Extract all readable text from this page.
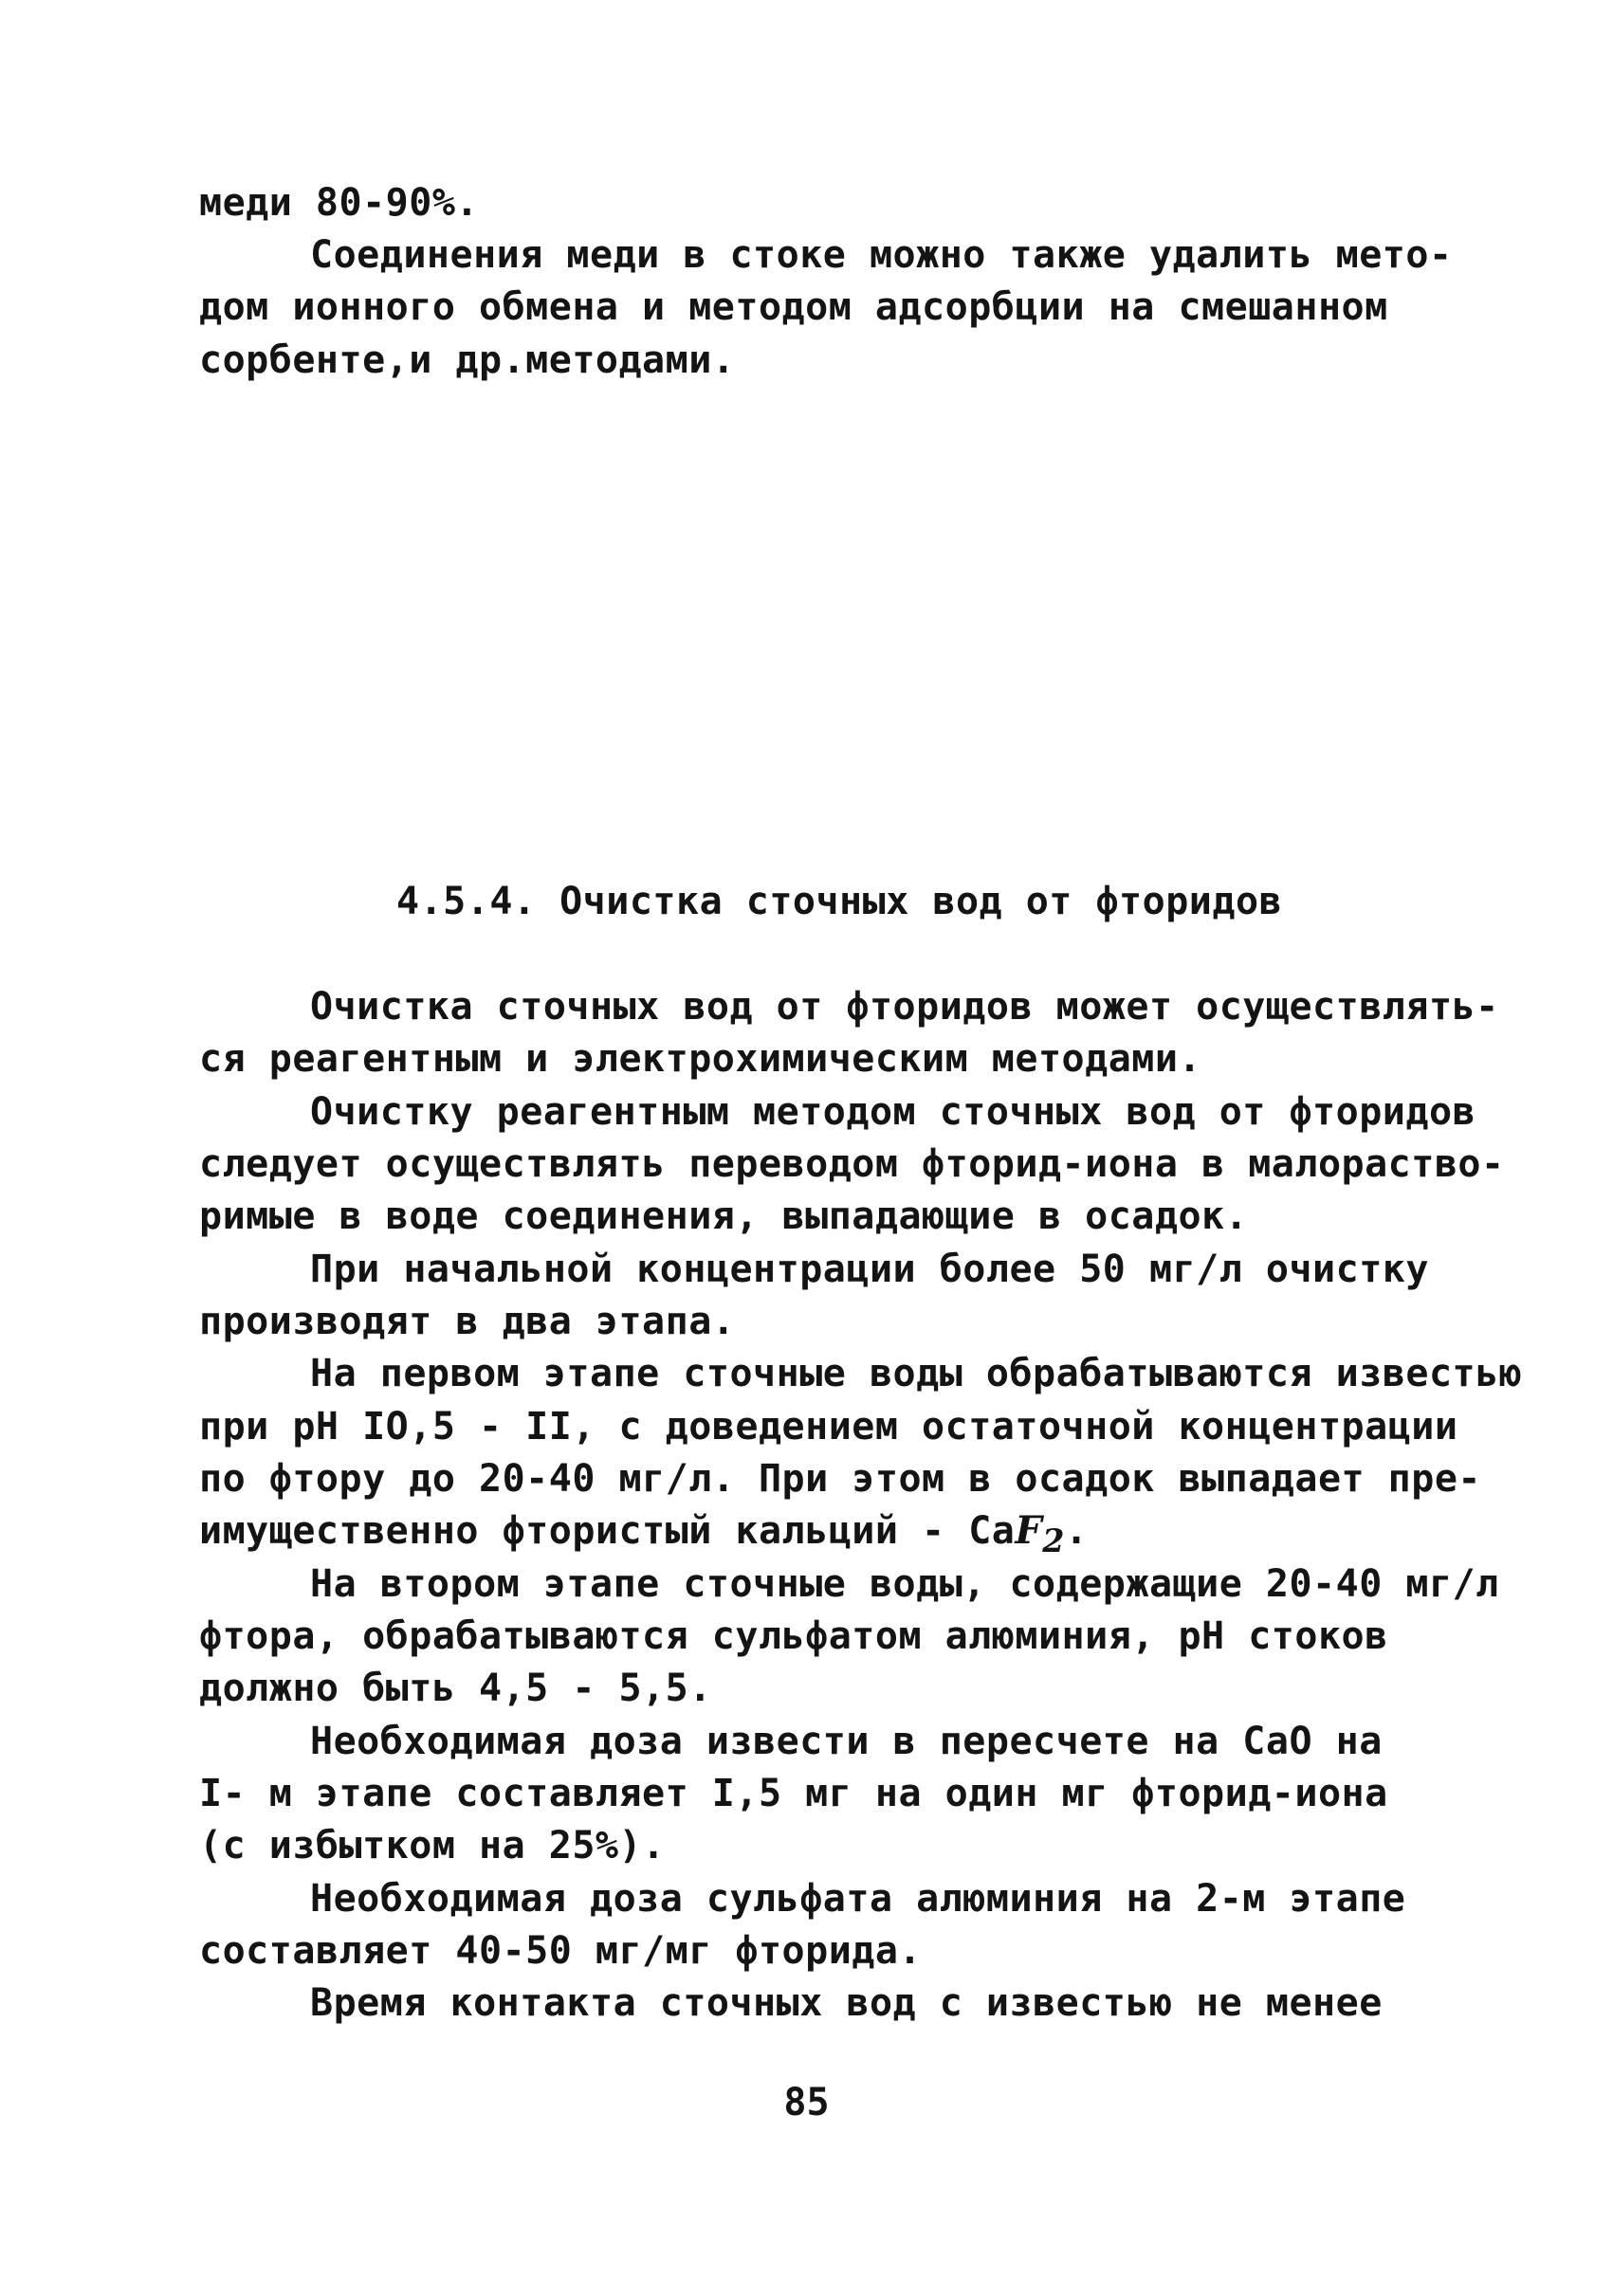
меди 80-90%.
Соединения меди в стоке можно также удалить мето-
дом ионного обмена и методом адсорбции на смешанном
сорбенте,и др.методами.
4.5.4. Очистка сточных вод от фторидов
Очистка сточных вод от фторидов может осуществлять-
ся реагентным и электрохимическим методами.
Очистку реагентным методом сточных вод от фторидов
следует осуществлять переводом фторид-иона в малораство-
римые в воде соединения, выпадающие в осадок.
При начальной концентрации более 50 мг/л очистку
производят в два этапа.
На первом этапе сточные воды обрабатываются известью
при рН IO,5 - II, с доведением остаточной концентрации
по фтору до 20-40 мг/л. При этом в осадок выпадает пре-
имущественно фтористый кальций - СаF$_2$.
На втором этапе сточные воды, содержащие 20-40 мг/л
фтора, обрабатываются сульфатом алюминия, рН стоков
должно быть 4,5 - 5,5.
Необходимая доза извести в пересчете на СаО на
I- м этапе составляет I,5 мг на один мг фторид-иона
(с избытком на 25%).
Необходимая доза сульфата алюминия на 2-м этапе
составляет 40-50 мг/мг фторида.
Время контакта сточных вод с известью не менее
85
